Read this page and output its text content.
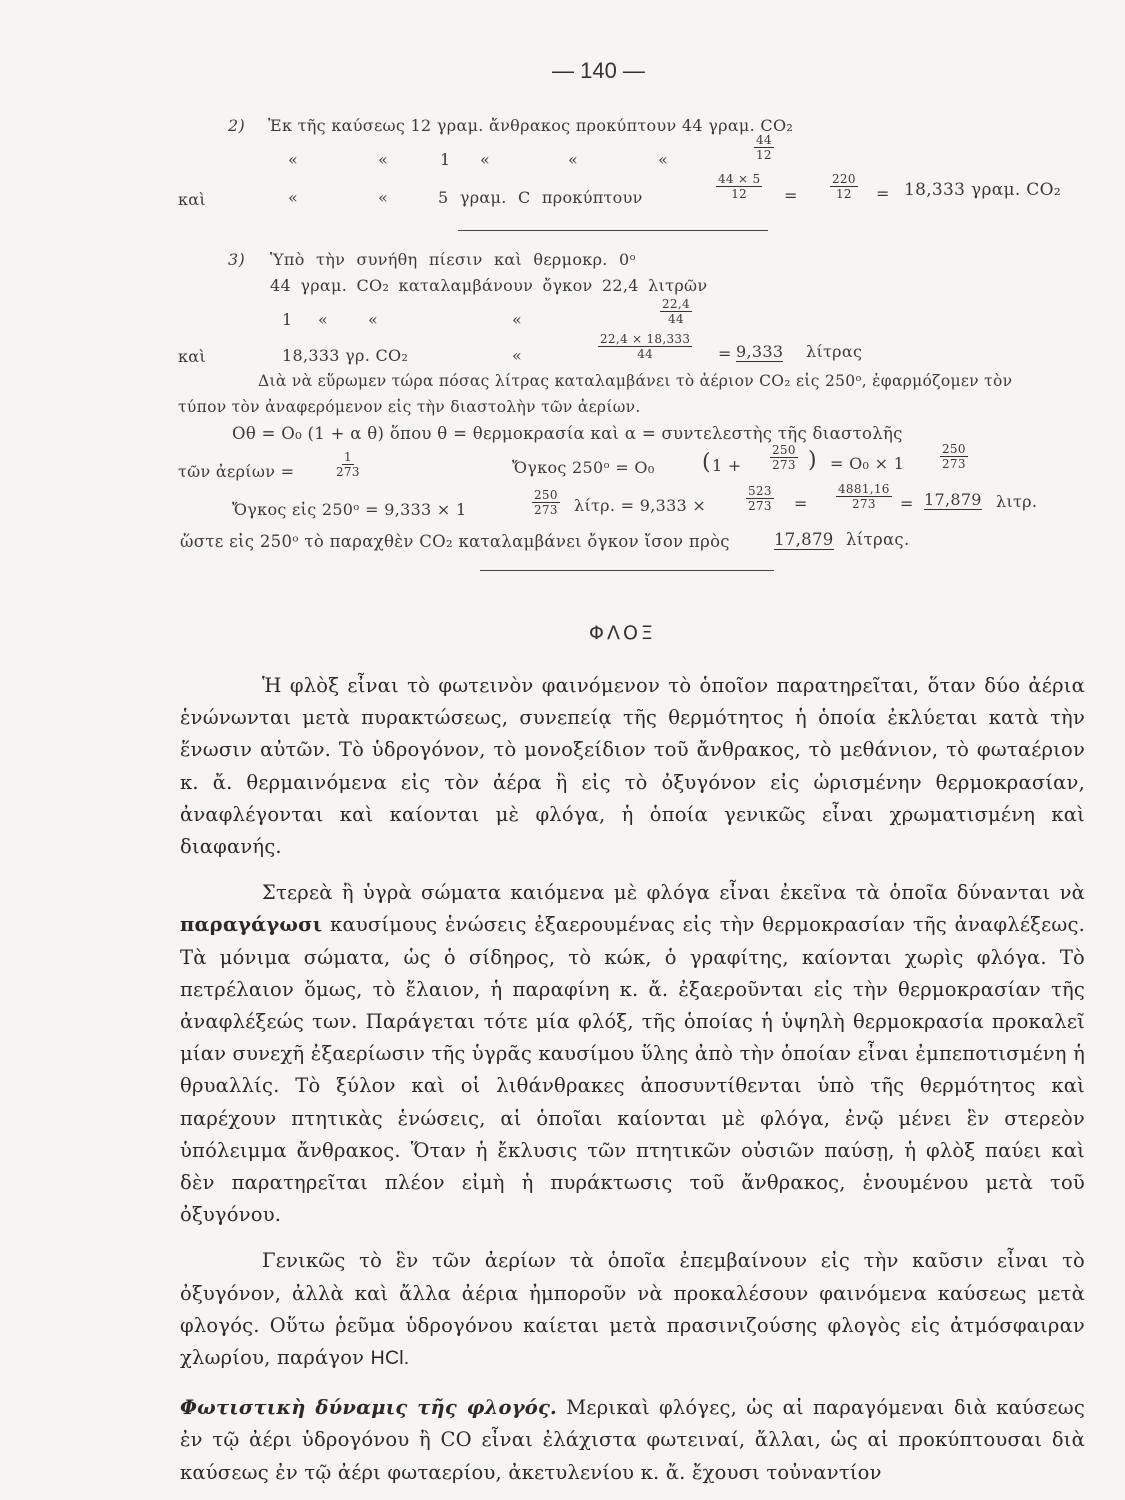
— 140 —
2) Ἐκ τῆς καύσεως 12 γραμ. ἄνθρακος προκύπτουν 44 γραμ. CO₂
«	«	1 «	«	«	$\frac{44}{12}$
καὶ	«	«	5 γραμ. C προκύπτουν	$\frac{44 \times 5}{12}$ =	$\frac{220}{12} = 18,333$ γραμ. CO₂
3) Ὑπὸ τὴν συνήθη πίεσιν καὶ θερμοκρ. 0ᵒ
44 γραμ. CO₂ καταλαμβάνουν ὄγκον 22,4 λιτρῶν
1 « «	«	$\frac{22,4}{44}$
καὶ	18,333 γρ. CO₂	«	$\frac{22,4 \times 18,333}{44} = 9,333$ λίτρας
Διὰ νὰ εὕρωμεν τώρα πόσας λίτρας καταλαμβάνει τὸ ἀέριον CO₂ εἰς 250ᵒ, ἐφαρμόζομεν τὸν
τύπον τὸν ἀναφερόμενον εἰς τὴν διαστολὴν τῶν ἀερίων.
Oθ = O₀ (1 + α θ) ὅπου θ = θερμοκρασία καὶ α = συντελεστὴς τῆς διαστολῆς
τῶν ἀερίων =	$\frac{1}{273}$	Ὄγκος 250ᵒ = O₀ ( $1 + \frac{250}{273}$ ) = O₀ × 1	$\frac{250}{273}$
Ὄγκος εἰς 250ᵒ = 9,333 × 1	$\frac{250}{273} \lambda ί\tau\rho$. = 9,333 ×	$\frac{523}{273} = \frac{4881,16}{273} = 17,879$ λιτρ.
ὥστε εἰς 250ᵒ τὸ παραχθὲν CO₂ καταλαμβάνει ὄγκον ἴσον πρὸς	17,879 λίτρας.
ΦΛΟΞ

Ἡ φλὸξ εἶναι τὸ φωτεινὸν φαινόμενον τὸ ὁποῖον παρατηρεῖται, ὅταν δύο ἀέρια ἑνώνωνται μετὰ πυρακτώσεως, συνεπείᾳ τῆς θερμότητος ἡ ὁποία ἐκλύεται κατὰ τὴν ἕνωσιν αὐτῶν. Τὸ ὑδρογόνον, τὸ μονοξείδιον τοῦ ἄνθρακος, τὸ μεθάνιον, τὸ φωταέριον κ. ἄ. θερμαινόμενα εἰς τὸν ἀέρα ἢ εἰς τὸ ὀξυγόνον εἰς ὡρισμένην θερμοκρασίαν, ἀναφλέγονται καὶ καίονται μὲ φλόγα, ἡ ὁποία γενικῶς εἶναι χρωματισμένη καὶ διαφανής.

Στερεὰ ἢ ὑγρὰ σώματα καιόμενα μὲ φλόγα εἶναι ἐκεῖνα τὰ ὁποῖα δύνανται νὰ παραγάγωσι καυσίμους ἑνώσεις ἐξαερουμένας εἰς τὴν θερμοκρασίαν τῆς ἀναφλέξεως. Τὰ μόνιμα σώματα, ὡς ὁ σίδηρος, τὸ κώκ, ὁ γραφίτης, καίονται χωρὶς φλόγα. Τὸ πετρέλαιον ὅμως, τὸ ἔλαιον, ἡ παραφίνη κ. ἄ. ἐξαεροῦνται εἰς τὴν θερμοκρασίαν τῆς ἀναφλέξεώς των. Παράγεται τότε μία φλόξ, τῆς ὁποίας ἡ ὑψηλὴ θερμοκρασία προκαλεῖ μίαν συνεχῆ ἐξαερίωσιν τῆς ὑγρᾶς καυσίμου ὕλης ἀπὸ τὴν ὁποίαν εἶναι ἐμπεποτισμένη ἡ θρυαλλίς. Τὸ ξύλον καὶ οἱ λιθάνθρακες ἀποσυντίθενται ὑπὸ τῆς θερμότητος καὶ παρέχουν πτητικὰς ἑνώσεις, αἱ ὁποῖαι καίονται μὲ φλόγα, ἐνῷ μένει ἓν στερεὸν ὑπόλειμμα ἄνθρακος. Ὅταν ἡ ἔκλυσις τῶν πτητικῶν οὐσιῶν παύσῃ, ἡ φλὸξ παύει καὶ δὲν παρατηρεῖται πλέον εἰμὴ ἡ πυράκτωσις τοῦ ἄνθρακος, ἑνουμένου μετὰ τοῦ ὀξυγόνου.

Γενικῶς τὸ ἓν τῶν ἀερίων τὰ ὁποῖα ἐπεμβαίνουν εἰς τὴν καῦσιν εἶναι τὸ ὀξυγόνον, ἀλλὰ καὶ ἄλλα ἀέρια ἠμποροῦν νὰ προκαλέσουν φαινόμενα καύσεως μετὰ φλογός. Οὕτω ῥεῦμα ὑδρογόνου καίεται μετὰ πρασινιζούσης φλογὸς εἰς ἀτμόσφαιραν χλωρίου, παράγον HCl.

Φωτιστικὴ δύναμις τῆς φλογός. Μερικαὶ φλόγες, ὡς αἱ παραγόμεναι διὰ καύσεως ἐν τῷ ἀέρι ὑδρογόνου ἢ CO εἶναι ἐλάχιστα φωτειναί, ἄλλαι, ὡς αἱ προκύπτουσαι διὰ καύσεως ἐν τῷ ἀέρι φωταερίου, ἀκετυλενίου κ. ἄ. ἔχουσι τοὐναντίον
